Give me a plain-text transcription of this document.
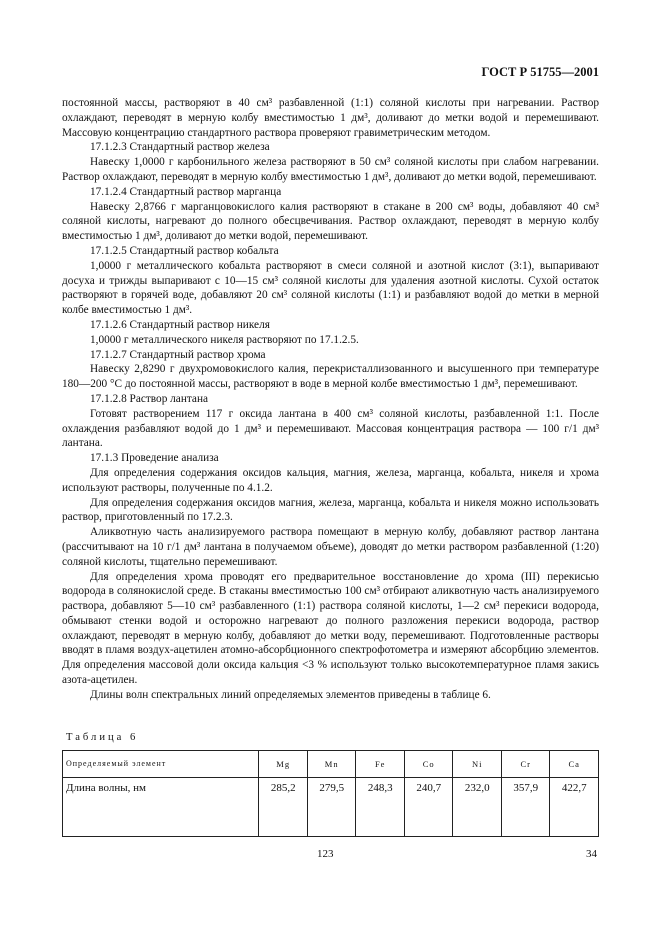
ГОСТ Р 51755—2001

постоянной массы, растворяют в 40 см³ разбавленной (1:1) соляной кислоты при нагревании. Раствор охлаждают, переводят в мерную колбу вместимостью 1 дм³, доливают до метки водой и перемешивают. Массовую концентрацию стандартного раствора проверяют гравиметрическим методом.

17.1.2.3 Стандартный раствор железа

Навеску 1,0000 г карбонильного железа растворяют в 50 см³ соляной кислоты при слабом нагревании. Раствор охлаждают, переводят в мерную колбу вместимостью 1 дм³, доливают до метки водой, перемешивают.

17.1.2.4 Стандартный раствор марганца

Навеску 2,8766 г марганцовокислого калия растворяют в стакане в 200 см³ воды, добавляют 40 см³ соляной кислоты, нагревают до полного обесцвечивания. Раствор охлаждают, переводят в мерную колбу вместимостью 1 дм³, доливают до метки водой, перемешивают.

17.1.2.5 Стандартный раствор кобальта

1,0000 г металлического кобальта растворяют в смеси соляной и азотной кислот (3:1), выпаривают досуха и трижды выпаривают с 10—15 см³ соляной кислоты для удаления азотной кислоты. Сухой остаток растворяют в горячей воде, добавляют 20 см³ соляной кислоты (1:1) и разбавляют водой до метки в мерной колбе вместимостью 1 дм³.

17.1.2.6 Стандартный раствор никеля

1,0000 г металлического никеля растворяют по 17.1.2.5.

17.1.2.7 Стандартный раствор хрома

Навеску 2,8290 г двухромовокислого калия, перекристаллизованного и высушенного при температуре 180—200 °С до постоянной массы, растворяют в воде в мерной колбе вместимостью 1 дм³, перемешивают.

17.1.2.8 Раствор лантана

Готовят растворением 117 г оксида лантана в 400 см³ соляной кислоты, разбавленной 1:1. После охлаждения разбавляют водой до 1 дм³ и перемешивают. Массовая концентрация раствора — 100 г/1 дм³ лантана.

17.1.3 Проведение анализа

Для определения содержания оксидов кальция, магния, железа, марганца, кобальта, никеля и хрома используют растворы, полученные по 4.1.2.

Для определения содержания оксидов магния, железа, марганца, кобальта и никеля можно использовать раствор, приготовленный по 17.2.3.

Аликвотную часть анализируемого раствора помещают в мерную колбу, добавляют раствор лантана (рассчитывают на 10 г/1 дм³ лантана в получаемом объеме), доводят до метки раствором разбавленной (1:20) соляной кислоты, тщательно перемешивают.

Для определения хрома проводят его предварительное восстановление до хрома (III) перекисью водорода в солянокислой среде. В стаканы вместимостью 100 см³ отбирают аликвотную часть анализируемого раствора, добавляют 5—10 см³ разбавленного (1:1) раствора соляной кислоты, 1—2 см³ перекиси водорода, обмывают стенки водой и осторожно нагревают до полного разложения перекиси водорода, раствор охлаждают, переводят в мерную колбу, добавляют до метки воду, перемешивают. Подготовленные растворы вводят в пламя воздух-ацетилен атомно-абсорбционного спектрофотометра и измеряют абсорбцию элементов. Для определения массовой доли оксида кальция <3 % используют только высокотемпературное пламя закись азота-ацетилен.

Длины волн спектральных линий определяемых элементов приведены в таблице 6.

Таблица 6
Определяемый элемент	Mg	Mn	Fe	Co	Ni	Cr	Ca
Длина волны, нм	285,2	279,5	248,3	240,7	232,0	357,9	422,7
123	34
